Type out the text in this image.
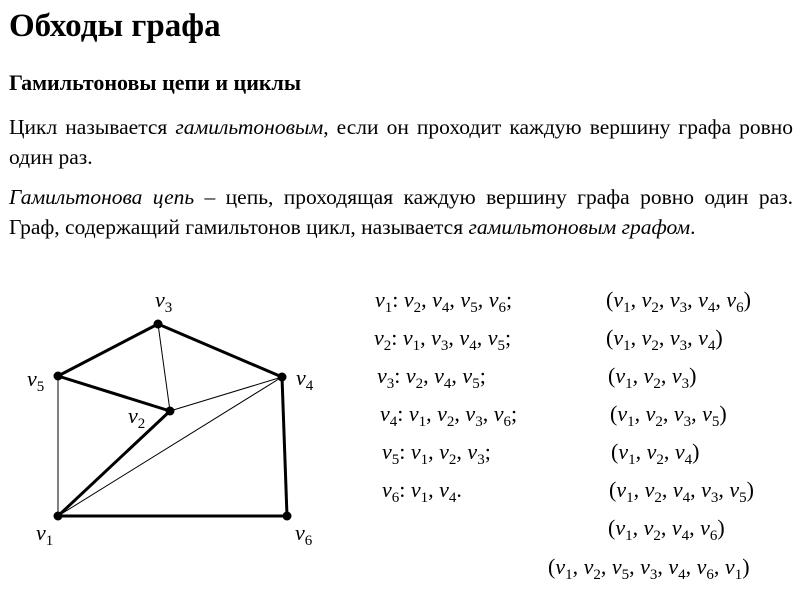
Обходы графа
Гамильтоновы цепи и циклы

Цикл называется гамильтоновым, если он проходит каждую вершину графа ровно один раз.

Гамильтонова цепь – цепь, проходящая каждую вершину графа ровно один раз. Граф, содержащий гамильтонов цикл, называется гамильтоновым графом.

$v_1$
$v_2$
$v_3$
$v_4$
$v_5$
$v_6$
$v_1$: $v_2$, $v_4$, $v_5$, $v_6$;
$v_2$: $v_1$, $v_3$, $v_4$, $v_5$;
$v_3$: $v_2$, $v_4$, $v_5$;
$v_4$: $v_1$, $v_2$, $v_3$, $v_6$;
$v_5$: $v_1$, $v_2$, $v_3$;
$v_6$: $v_1$, $v_4$.
($v_1$, $v_2$, $v_3$, $v_4$, $v_6$)
($v_1$, $v_2$, $v_3$, $v_4$)
($v_1$, $v_2$, $v_3$)
($v_1$, $v_2$, $v_3$, $v_5$)
($v_1$, $v_2$, $v_4$)
($v_1$, $v_2$, $v_4$, $v_3$, $v_5$)
($v_1$, $v_2$, $v_4$, $v_6$)
($v_1$, $v_2$, $v_5$, $v_3$, $v_4$, $v_6$, $v_1$)
